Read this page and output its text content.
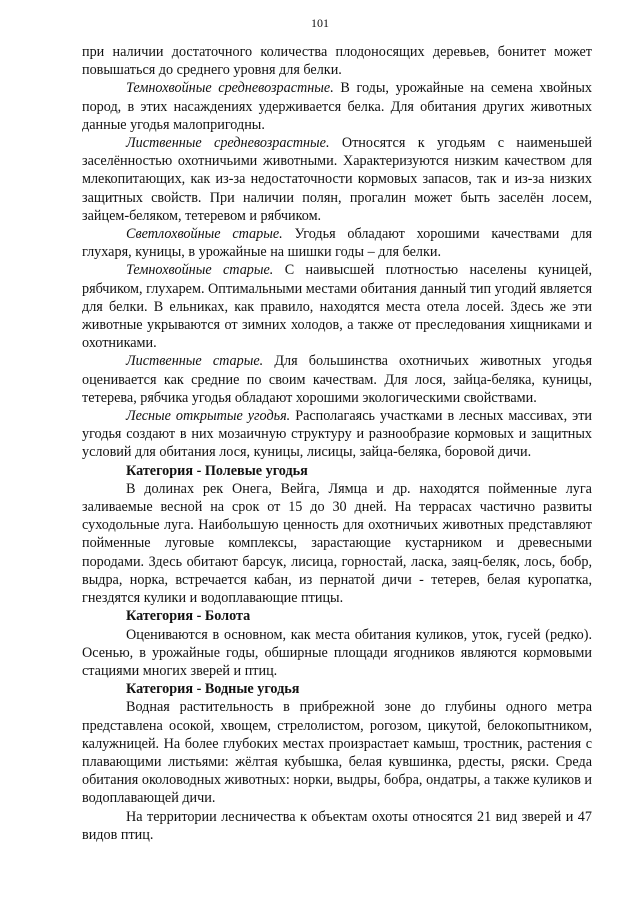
101

при наличии достаточного количества плодоносящих деревьев, бонитет может повышаться до среднего уровня для белки.

Темнохвойные средневозрастные. В годы, урожайные на семена хвойных пород, в этих насаждениях удерживается белка. Для обитания других животных данные угодья малопригодны.

Лиственные средневозрастные. Относятся к угодьям с наименьшей заселённостью охотничьими животными. Характеризуются низким качеством для млекопитающих, как из-за недостаточности кормовых запасов, так и из-за низких защитных свойств. При наличии полян, прогалин может быть заселён лосем, зайцем-беляком, тетеревом и рябчиком.

Светлохвойные старые. Угодья обладают хорошими качествами для глухаря, куницы, в урожайные на шишки годы – для белки.

Темнохвойные старые. С наивысшей плотностью населены куницей, рябчиком, глухарем. Оптимальными местами обитания данный тип угодий является для белки. В ельниках, как правило, находятся места отела лосей. Здесь же эти животные укрываются от зимних холодов, а также от преследования хищниками и охотниками.

Лиственные старые. Для большинства охотничьих животных угодья оценивается как средние по своим качествам. Для лося, зайца-беляка, куницы, тетерева, рябчика угодья обладают хорошими экологическими свойствами.

Лесные открытые угодья. Располагаясь участками в лесных массивах, эти угодья создают в них мозаичную структуру и разнообразие кормовых и защитных условий для обитания лося, куницы, лисицы, зайца-беляка, боровой дичи.

Категория - Полевые угодья

В долинах рек Онега, Вейга, Лямца и др. находятся пойменные луга заливаемые весной на срок от 15 до 30 дней. На террасах частично развиты суходольные луга. Наибольшую ценность для охотничьих животных представляют пойменные луговые комплексы, зарастающие кустарником и древесными породами. Здесь обитают барсук, лисица, горностай, ласка, заяц-беляк, лось, бобр, выдра, норка, встречается кабан, из пернатой дичи - тетерев, белая куропатка, гнездятся кулики и водоплавающие птицы.

Категория - Болота

Оцениваются в основном, как места обитания куликов, уток, гусей (редко). Осенью, в урожайные годы, обширные площади ягодников являются кормовыми стациями многих зверей и птиц.

Категория - Водные угодья

Водная растительность в прибрежной зоне до глубины одного метра представлена осокой, хвощем, стрелолистом, рогозом, цикутой, белокопытником, калужницей. На более глубоких местах произрастает камыш, тростник, растения с плавающими листьями: жёлтая кубышка, белая кувшинка, рдесты, ряски. Среда обитания околоводных животных: норки, выдры, бобра, ондатры, а также куликов и водоплавающей дичи.

На территории лесничества к объектам охоты относятся 21 вид зверей и 47 видов птиц.
